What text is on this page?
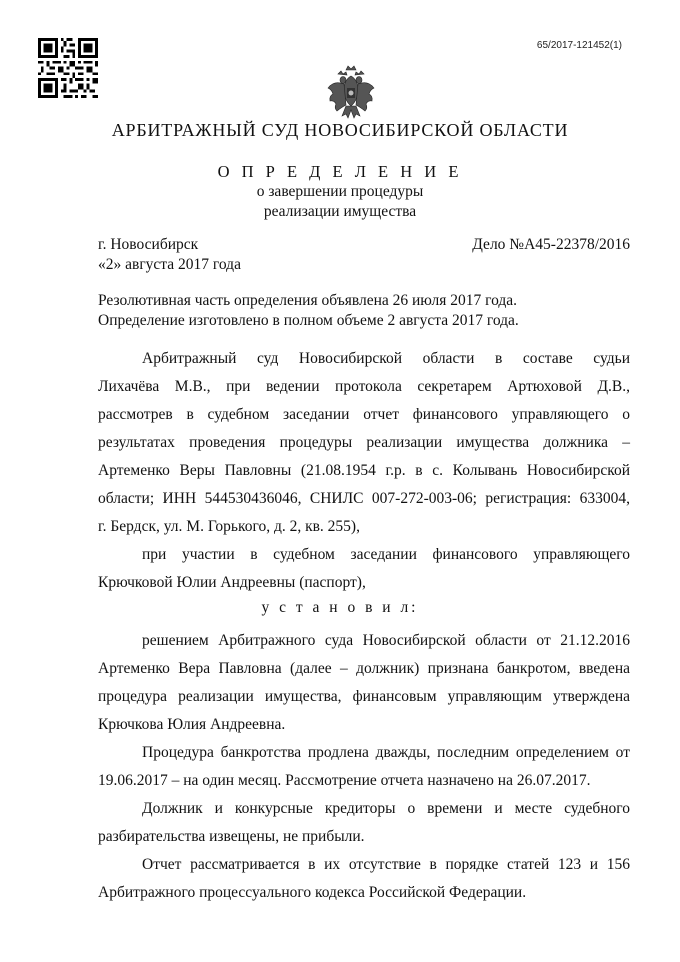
65/2017-121452(1)
АРБИТРАЖНЫЙ СУД НОВОСИБИРСКОЙ ОБЛАСТИ
О П Р Е Д Е Л Е Н И Е
о завершении процедуры
реализации имущества
г. Новосибирск
«2» августа 2017 года
Дело №А45-22378/2016
Резолютивная часть определения объявлена 26 июля 2017 года.
Определение изготовлено в полном объеме 2 августа 2017 года.
Арбитражный суд Новосибирской области в составе судьи
Лихачёва М.В., при ведении протокола секретарем Артюховой Д.В.,
рассмотрев в судебном заседании отчет финансового управляющего о
результатах проведения процедуры реализации имущества должника –
Артеменко Веры Павловны (21.08.1954 г.р. в с. Колывань Новосибирской
области; ИНН 544530436046, СНИЛС 007-272-003-06; регистрация: 633004,
г. Бердск, ул. М. Горького, д. 2, кв. 255),
при участии в судебном заседании финансового управляющего
Крючковой Юлии Андреевны (паспорт),
у с т а н о в и л:
решением Арбитражного суда Новосибирской области от 21.12.2016
Артеменко Вера Павловна (далее – должник) признана банкротом, введена
процедура реализации имущества, финансовым управляющим утверждена
Крючкова Юлия Андреевна.
Процедура банкротства продлена дважды, последним определением от
19.06.2017 – на один месяц. Рассмотрение отчета назначено на 26.07.2017.
Должник и конкурсные кредиторы о времени и месте судебного
разбирательства извещены, не прибыли.
Отчет рассматривается в их отсутствие в порядке статей 123 и 156
Арбитражного процессуального кодекса Российской Федерации.
